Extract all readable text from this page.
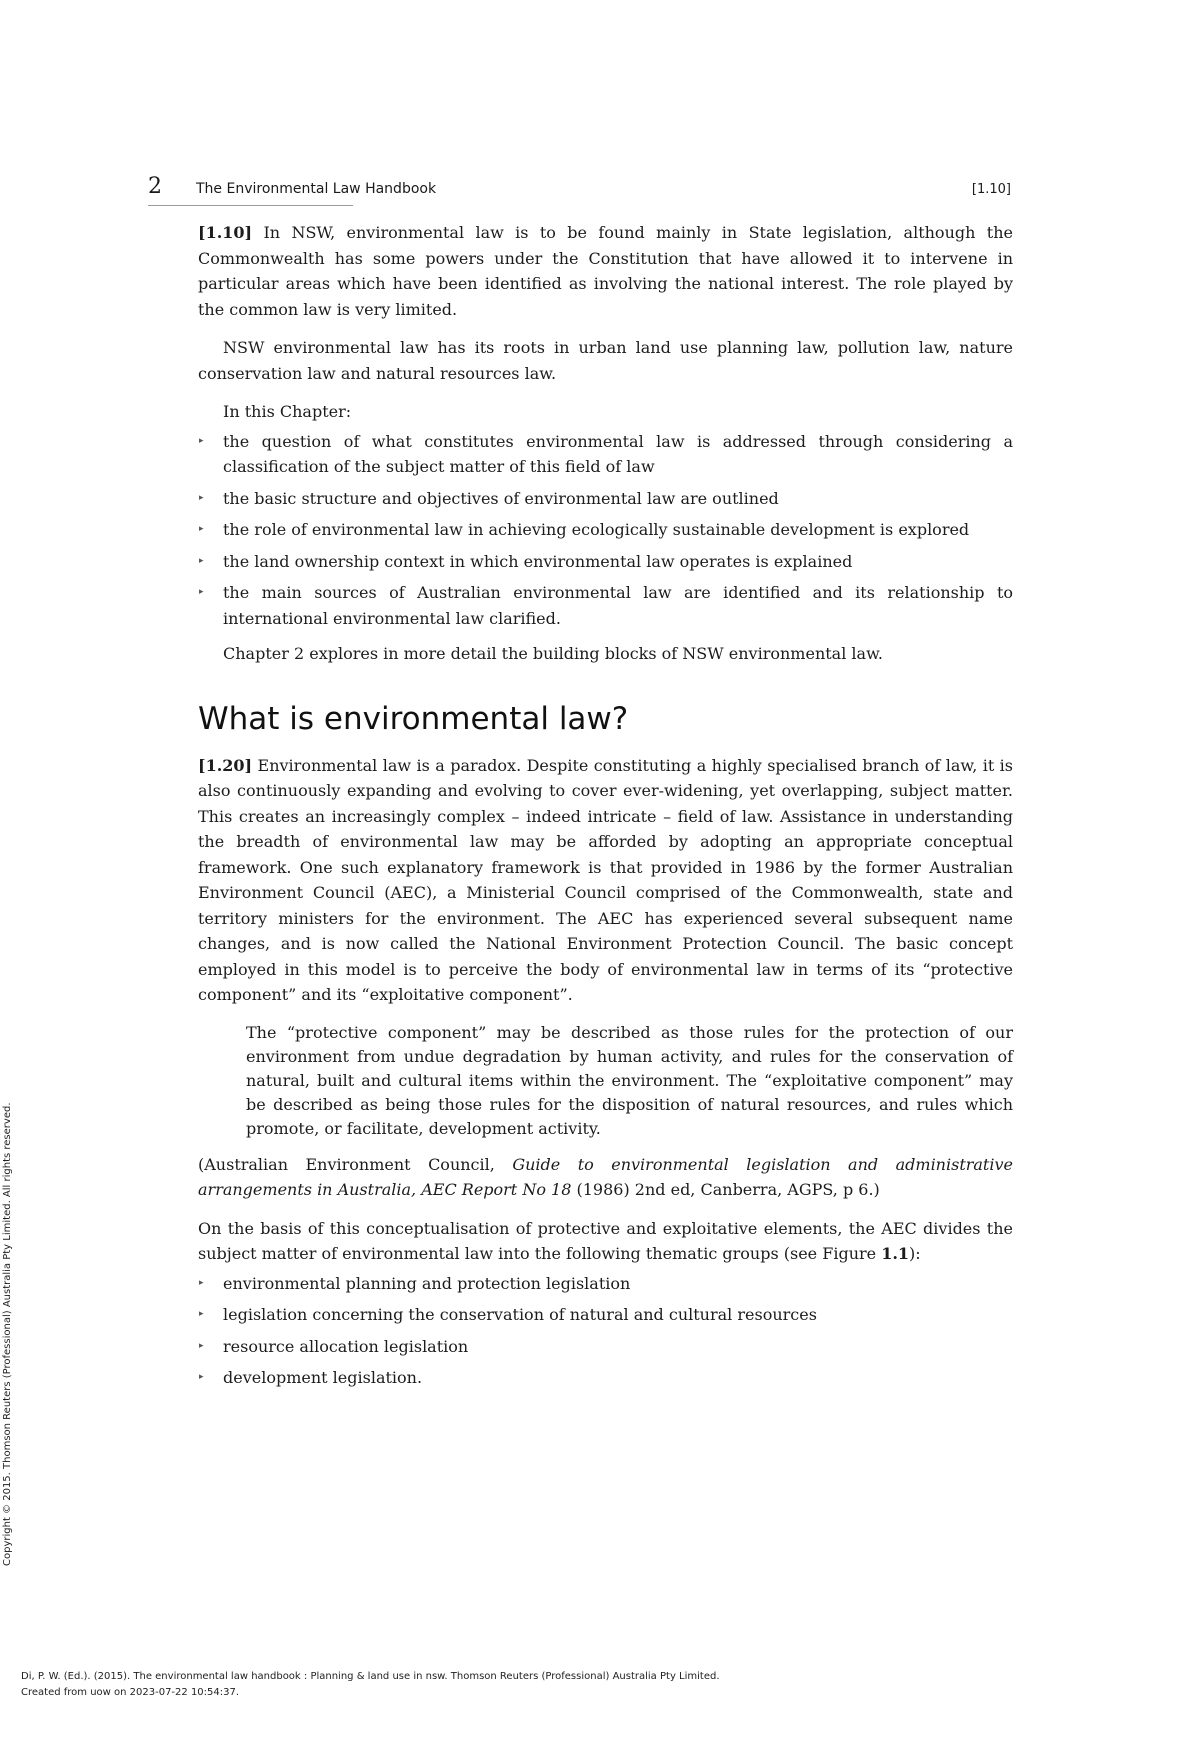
2	The Environmental Law Handbook	[1.10]

[1.10] In NSW, environmental law is to be found mainly in State legislation, although the Commonwealth has some powers under the Constitution that have allowed it to intervene in particular areas which have been identified as involving the national interest. The role played by the common law is very limited.

NSW environmental law has its roots in urban land use planning law, pollution law, nature conservation law and natural resources law.

In this Chapter:

▸ the question of what constitutes environmental law is addressed through considering a classification of the subject matter of this field of law
▸ the basic structure and objectives of environmental law are outlined
▸ the role of environmental law in achieving ecologically sustainable development is explored
▸ the land ownership context in which environmental law operates is explained
▸ the main sources of Australian environmental law are identified and its relationship to international environmental law clarified.

Chapter 2 explores in more detail the building blocks of NSW environmental law.

What is environmental law?

[1.20] Environmental law is a paradox. Despite constituting a highly specialised branch of law, it is also continuously expanding and evolving to cover ever-widening, yet overlapping, subject matter. This creates an increasingly complex – indeed intricate – field of law. Assistance in understanding the breadth of environmental law may be afforded by adopting an appropriate conceptual framework. One such explanatory framework is that provided in 1986 by the former Australian Environment Council (AEC), a Ministerial Council comprised of the Commonwealth, state and territory ministers for the environment. The AEC has experienced several subsequent name changes, and is now called the National Environment Protection Council. The basic concept employed in this model is to perceive the body of environmental law in terms of its “protective component” and its “exploitative component”.

The “protective component” may be described as those rules for the protection of our environment from undue degradation by human activity, and rules for the conservation of natural, built and cultural items within the environment. The “exploitative component” may be described as being those rules for the disposition of natural resources, and rules which promote, or facilitate, development activity.

(Australian Environment Council, Guide to environmental legislation and administrative arrangements in Australia, AEC Report No 18 (1986) 2nd ed, Canberra, AGPS, p 6.)

On the basis of this conceptualisation of protective and exploitative elements, the AEC divides the subject matter of environmental law into the following thematic groups (see Figure 1.1):

▸ environmental planning and protection legislation
▸ legislation concerning the conservation of natural and cultural resources
▸ resource allocation legislation
▸ development legislation.
Copyright © 2015. Thomson Reuters (Professional) Australia Pty Limited. All rights reserved.
Di, P. W. (Ed.). (2015). The environmental law handbook : Planning & land use in nsw. Thomson Reuters (Professional) Australia Pty Limited.
Created from uow on 2023-07-22 10:54:37.
